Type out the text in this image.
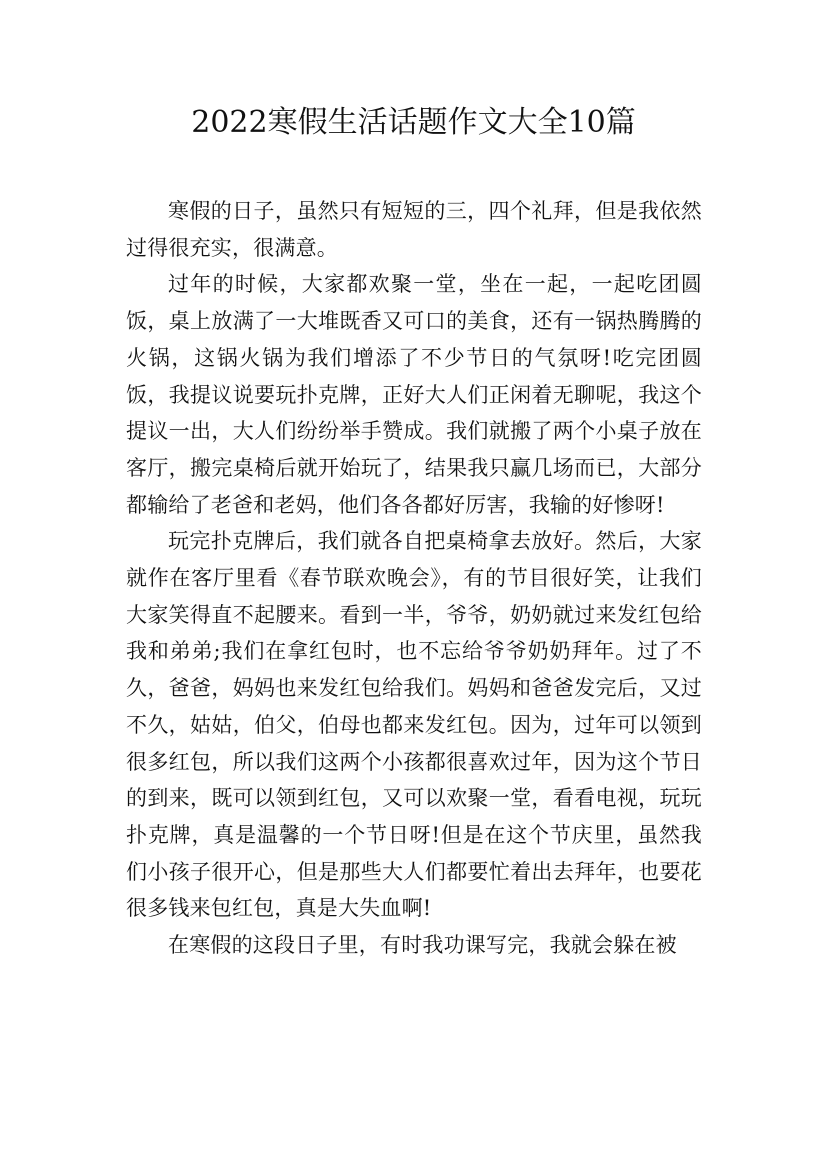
2022寒假生活话题作文大全10篇

寒假的日子，虽然只有短短的三，四个礼拜，但是我依然过得很充实，很满意。

过年的时候，大家都欢聚一堂，坐在一起，一起吃团圆饭，桌上放满了一大堆既香又可口的美食，还有一锅热腾腾的火锅，这锅火锅为我们增添了不少节日的气氛呀!吃完团圆饭，我提议说要玩扑克牌，正好大人们正闲着无聊呢，我这个提议一出，大人们纷纷举手赞成。我们就搬了两个小桌子放在客厅，搬完桌椅后就开始玩了，结果我只赢几场而已，大部分都输给了老爸和老妈，他们各各都好厉害，我输的好惨呀!

玩完扑克牌后，我们就各自把桌椅拿去放好。然后，大家就作在客厅里看《春节联欢晚会》，有的节目很好笑，让我们大家笑得直不起腰来。看到一半，爷爷，奶奶就过来发红包给我和弟弟;我们在拿红包时，也不忘给爷爷奶奶拜年。过了不久，爸爸，妈妈也来发红包给我们。妈妈和爸爸发完后，又过不久，姑姑，伯父，伯母也都来发红包。因为，过年可以领到很多红包，所以我们这两个小孩都很喜欢过年，因为这个节日的到来，既可以领到红包，又可以欢聚一堂，看看电视，玩玩扑克牌，真是温馨的一个节日呀!但是在这个节庆里，虽然我们小孩子很开心，但是那些大人们都要忙着出去拜年，也要花很多钱来包红包，真是大失血啊!

在寒假的这段日子里，有时我功课写完，我就会躲在被
